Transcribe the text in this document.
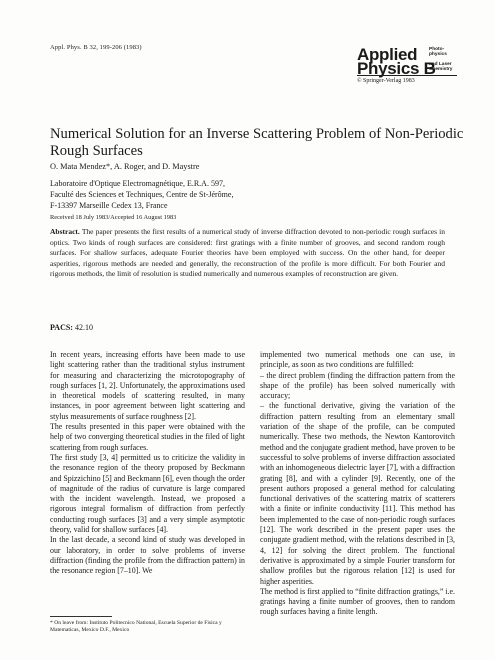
Appl. Phys. B 32, 199-206 (1983)	Applied
Physics B
Photo-
physics
and Laser
Chemistry
© Springer-Verlag 1983
Numerical Solution for an Inverse Scattering Problem of Non-Periodic Rough Surfaces
O. Mata Mendez*, A. Roger, and D. Maystre
Laboratoire d'Optique Electromagnétique, E.R.A. 597,
Faculté des Sciences et Techniques, Centre de St-Jérôme,
F-13397 Marseille Cedex 13, France
Received 18 July 1983/Accepted 16 August 1983

Abstract. The paper presents the first results of a numerical study of inverse diffraction devoted to non-periodic rough surfaces in optics. Two kinds of rough surfaces are considered: first gratings with a finite number of grooves, and second random rough surfaces. For shallow surfaces, adequate Fourier theories have been employed with success. On the other hand, for deeper asperities, rigorous methods are needed and generally, the reconstruction of the profile is more difficult. For both Fourier and rigorous methods, the limit of resolution is studied numerically and numerous examples of reconstruction are given.

PACS: 42.10

In recent years, increasing efforts have been made to use light scattering rather than the traditional stylus instrument for measuring and characterizing the microtopography of rough surfaces [1, 2]. Unfortunately, the approximations used in theoretical models of scattering resulted, in many instances, in poor agreement between light scattering and stylus measurements of surface roughness [2].

The results presented in this paper were obtained with the help of two converging theoretical studies in the filed of light scattering from rough surfaces.

The first study [3, 4] permitted us to criticize the validity in the resonance region of the theory proposed by Beckmann and Spizzichino [5] and Beckmann [6], even though the order of magnitude of the radius of curvature is large compared with the incident wavelength. Instead, we proposed a rigorous integral formalism of diffraction from perfectly conducting rough surfaces [3] and a very simple asymptotic theory, valid for shallow surfaces [4].

In the last decade, a second kind of study was developed in our laboratory, in order to solve problems of inverse diffraction (finding the profile from the diffraction pattern) in the resonance region [7–10]. We

implemented two numerical methods one can use, in principle, as soon as two conditions are fulfilled:

– the direct problem (finding the diffraction pattern from the shape of the profile) has been solved numerically with accuracy;

– the functional derivative, giving the variation of the diffraction pattern resulting from an elementary small variation of the shape of the profile, can be computed numerically. These two methods, the Newton Kantorovitch method and the conjugate gradient method, have proven to be successful to solve problems of inverse diffraction associated with an inhomogeneous dielectric layer [7], with a diffraction grating [8], and with a cylinder [9]. Recently, one of the present authors proposed a general method for calculating functional derivatives of the scattering matrix of scatterers with a finite or infinite conductivity [11]. This method has been implemented to the case of non-periodic rough surfaces [12]. The work described in the present paper uses the conjugate gradient method, with the relations described in [3, 4, 12] for solving the direct problem. The functional derivative is approximated by a simple Fourier transform for shallow profiles but the rigorous relation [12] is used for higher asperities.

The method is first applied to “finite diffraction gratings,” i.e. gratings having a finite number of grooves, then to random rough surfaces having a finite length.

* On leave from: Instituto Politecnico National, Escuela Superior de Fisica y Matematicas, Mexico D.F., Mexico
